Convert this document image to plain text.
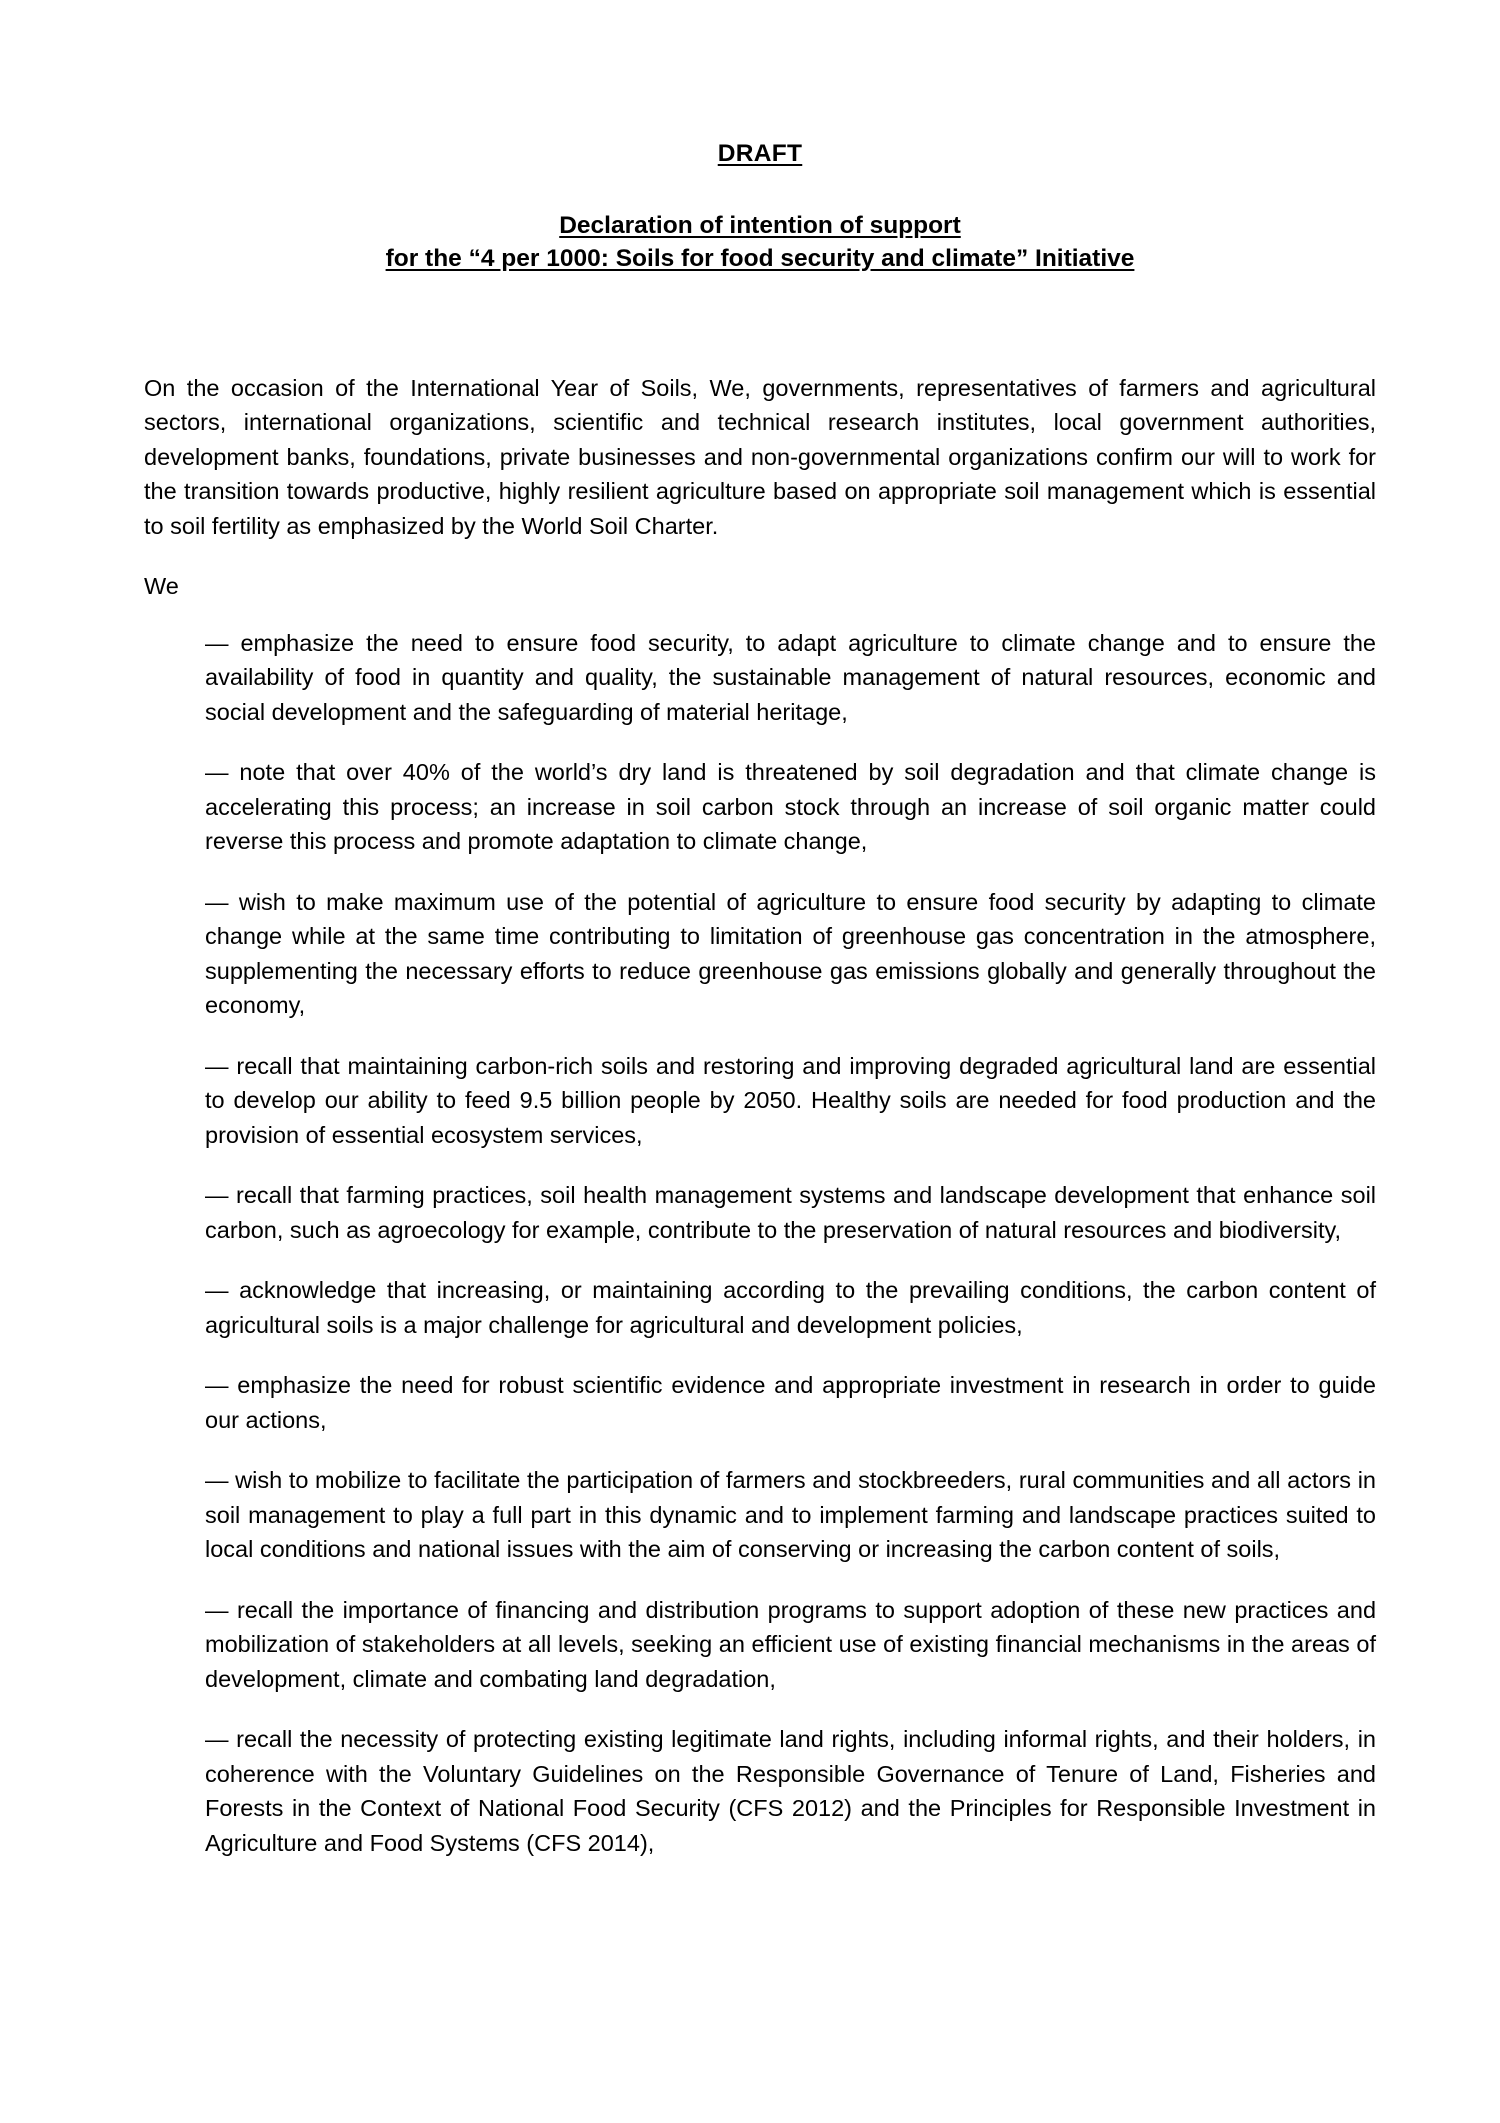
DRAFT
Declaration of intention of support
for the “4 per 1000: Soils for food security and climate” Initiative

On the occasion of the International Year of Soils, We, governments, representatives of farmers and agricultural sectors, international organizations, scientific and technical research institutes, local government authorities, development banks, foundations, private businesses and non-governmental organizations confirm our will to work for the transition towards productive, highly resilient agriculture based on appropriate soil management which is essential to soil fertility as emphasized by the World Soil Charter.

We

— emphasize the need to ensure food security, to adapt agriculture to climate change and to ensure the availability of food in quantity and quality, the sustainable management of natural resources, economic and social development and the safeguarding of material heritage,
— note that over 40% of the world’s dry land is threatened by soil degradation and that climate change is accelerating this process; an increase in soil carbon stock through an increase of soil organic matter could reverse this process and promote adaptation to climate change,
— wish to make maximum use of the potential of agriculture to ensure food security by adapting to climate change while at the same time contributing to limitation of greenhouse gas concentration in the atmosphere, supplementing the necessary efforts to reduce greenhouse gas emissions globally and generally throughout the economy,
— recall that maintaining carbon-rich soils and restoring and improving degraded agricultural land are essential to develop our ability to feed 9.5 billion people by 2050. Healthy soils are needed for food production and the provision of essential ecosystem services,
— recall that farming practices, soil health management systems and landscape development that enhance soil carbon, such as agroecology for example, contribute to the preservation of natural resources and biodiversity,
— acknowledge that increasing, or maintaining according to the prevailing conditions, the carbon content of agricultural soils is a major challenge for agricultural and development policies,
— emphasize the need for robust scientific evidence and appropriate investment in research in order to guide our actions,
— wish to mobilize to facilitate the participation of farmers and stockbreeders, rural communities and all actors in soil management to play a full part in this dynamic and to implement farming and landscape practices suited to local conditions and national issues with the aim of conserving or increasing the carbon content of soils,
— recall the importance of financing and distribution programs to support adoption of these new practices and mobilization of stakeholders at all levels, seeking an efficient use of existing financial mechanisms in the areas of development, climate and combating land degradation,
— recall the necessity of protecting existing legitimate land rights, including informal rights, and their holders, in coherence with the Voluntary Guidelines on the Responsible Governance of Tenure of Land, Fisheries and Forests in the Context of National Food Security (CFS 2012) and the Principles for Responsible Investment in Agriculture and Food Systems (CFS 2014),
